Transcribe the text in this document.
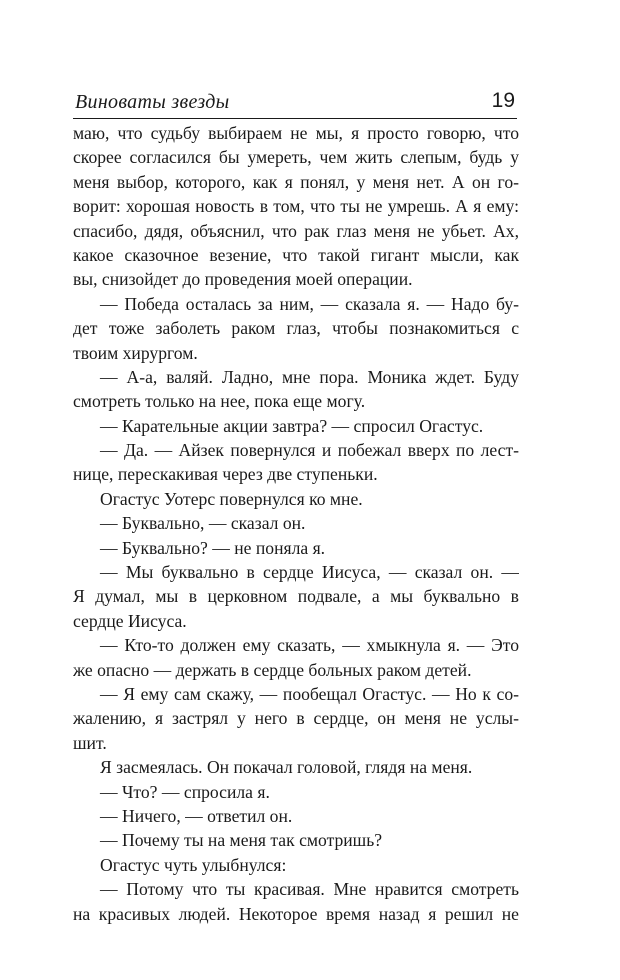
Виноваты звезды	19
маю, что судьбу выбираем не мы, я просто говорю, что
скорее согласился бы умереть, чем жить слепым, будь у
меня выбор, которого, как я понял, у меня нет. А он го-
ворит: хорошая новость в том, что ты не умрешь. А я ему:
спасибо, дядя, объяснил, что рак глаз меня не убьет. Ах,
какое сказочное везение, что такой гигант мысли, как
вы, снизойдет до проведения моей операции.
— Победа осталась за ним, — сказала я. — Надо бу-
дет тоже заболеть раком глаз, чтобы познакомиться с
твоим хирургом.
— А-а, валяй. Ладно, мне пора. Моника ждет. Буду
смотреть только на нее, пока еще могу.
— Карательные акции завтра? — спросил Огастус.
— Да. — Айзек повернулся и побежал вверх по лест-
нице, перескакивая через две ступеньки.
Огастус Уотерс повернулся ко мне.
— Буквально, — сказал он.
— Буквально? — не поняла я.
— Мы буквально в сердце Иисуса, — сказал он. —
Я думал, мы в церковном подвале, а мы буквально в
сердце Иисуса.
— Кто-то должен ему сказать, — хмыкнула я. — Это
же опасно — держать в сердце больных раком детей.
— Я ему сам скажу, — пообещал Огастус. — Но к со-
жалению, я застрял у него в сердце, он меня не услы-
шит.
Я засмеялась. Он покачал головой, глядя на меня.
— Что? — спросила я.
— Ничего, — ответил он.
— Почему ты на меня так смотришь?
Огастус чуть улыбнулся:
— Потому что ты красивая. Мне нравится смотреть
на красивых людей. Некоторое время назад я решил не
